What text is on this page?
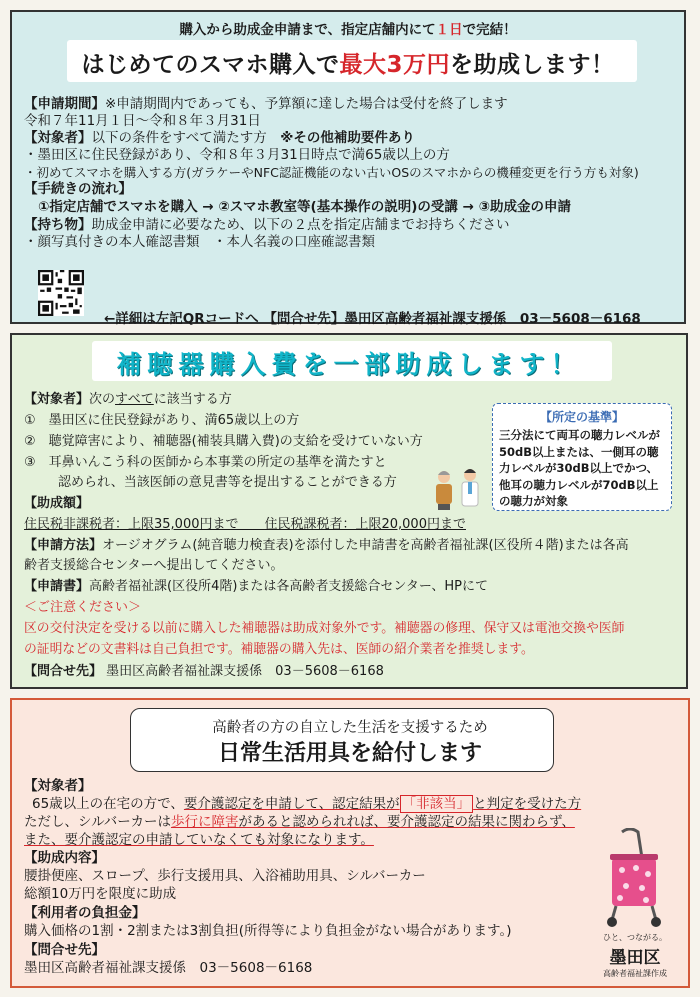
購入から助成金申請まで、指定店舗内にて１日で完結！
はじめてのスマホ購入で最大3万円を助成します！
【申請期間】※申請期間内であっても、予算額に達した場合は受付を終了します
令和７年11月１日～令和８年３月31日
【対象者】以下の条件をすべて満たす方　 ※その他補助要件あり
・墨田区に住民登録があり、令和８年３月31日時点で満65歳以上の方
・初めてスマホを購入する方(ガラケーやNFC認証機能のない古いOSのスマホからの機種変更を行う方も対象)
【手続きの流れ】
①指定店舗でスマホを購入 → ②スマホ教室等(基本操作の説明)の受講 → ③助成金の申請
【持ち物】助成金申請に必要なため、以下の２点を指定店舗までお持ちください
・顔写真付きの本人確認書類　・本人名義の口座確認書類
←詳細は左記QRコードへ 【問合せ先】墨田区高齢者福祉課支援係　03－5608－6168
補聴器購入費を一部助成します！
【対象者】次のすべてに該当する方
①　墨田区に住民登録があり、満65歳以上の方
②　聴覚障害により、補聴器(補装具購入費)の支給を受けていない方
③　耳鼻いんこう科の医師から本事業の所定の基準を満たすと
認められ、当該医師の意見書等を提出することができる方
【所定の基準】
三分法にて両耳の聴力レベルが50dB以上または、一側耳の聴力レベルが30dB以上でかつ、他耳の聴力レベルが70dB以上の聴力が対象
【助成額】
住民税非課税者：上限35,000円まで　　住民税課税者：上限20,000円まで
【申請方法】オージオグラム(純音聴力検査表)を添付した申請書を高齢者福祉課(区役所４階)または各高
齢者支援総合センターへ提出してください。
【申請書】高齢者福祉課(区役所4階)または各高齢者支援総合センター、HPにて
＜ご注意ください＞
区の交付決定を受ける以前に購入した補聴器は助成対象外です。補聴器の修理、保守又は電池交換や医師
の証明などの文書料は自己負担です。補聴器の購入先は、医師の紹介業者を推奨します。
【問合せ先】 墨田区高齢者福祉課支援係　03－5608－6168
高齢者の方の自立した生活を支援するため
日常生活用具を給付します
【対象者】
65歳以上の在宅の方で、要介護認定を申請して、認定結果が 「非該当」 と判定を受けた方
ただし、シルバーカーは歩行に障害があると認められれば、要介護認定の結果に関わらず、
また、要介護認定の申請していなくても対象になります。
【助成内容】
腰掛便座、スロープ、歩行支援用具、入浴補助用具、シルバーカー
総額10万円を限度に助成
【利用者の負担金】
購入価格の1割・2割または3割負担(所得等により負担金がない場合があります。)
【問合せ先】
墨田区高齢者福祉課支援係　03－5608－6168
ひと、つながる。
墨田区
高齢者福祉課作成
